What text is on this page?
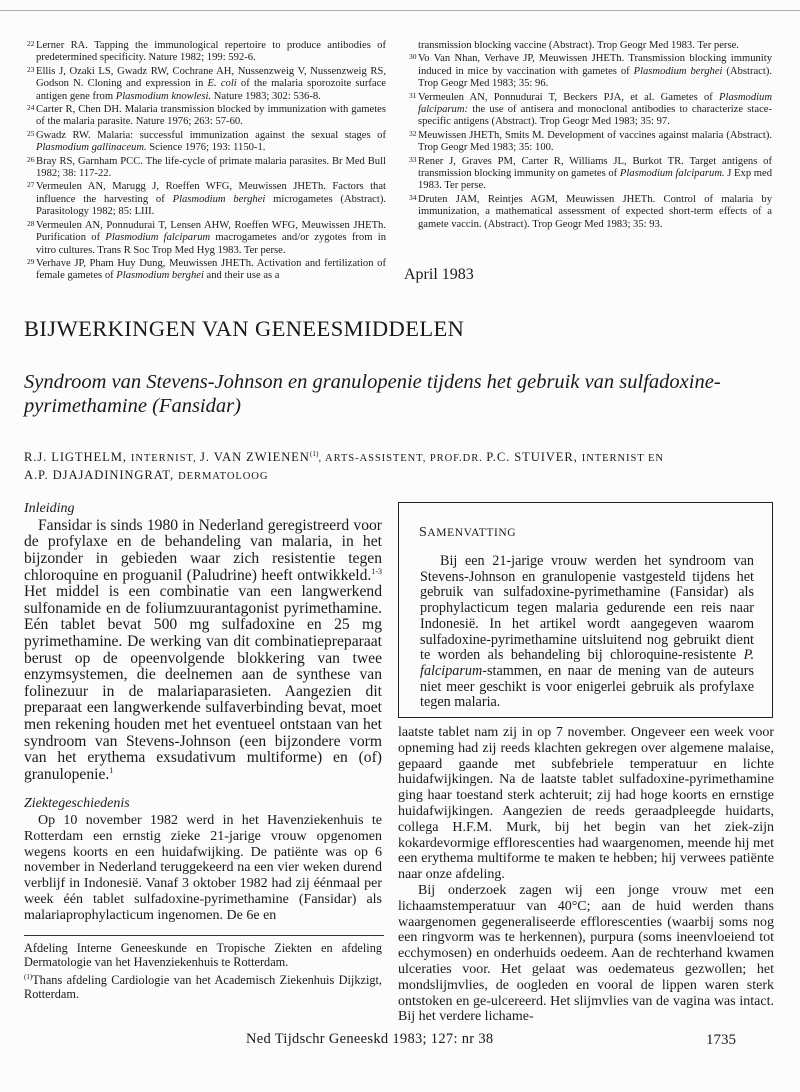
22 Lerner RA. Tapping the immunological repertoire to produce antibodies of predetermined specificity. Nature 1982; 199: 592-6.
23 Ellis J, Ozaki LS, Gwadz RW, Cochrane AH, Nussenzweig V, Nussenzweig RS, Godson N. Cloning and expression in E. coli of the malaria sporozoite surface antigen gene from Plasmodium knowlesi. Nature 1983; 302: 536-8.
24 Carter R, Chen DH. Malaria transmission blocked by immunization with gametes of the malaria parasite. Nature 1976; 263: 57-60.
25 Gwadz RW. Malaria: successful immunization against the sexual stages of Plasmodium gallinaceum. Science 1976; 193: 1150-1.
26 Bray RS, Garnham PCC. The life-cycle of primate malaria parasites. Br Med Bull 1982; 38: 117-22.
27 Vermeulen AN, Marugg J, Roeffen WFG, Meuwissen JHETh. Factors that influence the harvesting of Plasmodium berghei microgametes (Abstract). Parasitology 1982; 85: LIII.
28 Vermeulen AN, Ponnudurai T, Lensen AHW, Roeffen WFG, Meuwissen JHETh. Purification of Plasmodium falciparum macrogametes and/or zygotes from in vitro cultures. Trans R Soc Trop Med Hyg 1983. Ter perse.
29 Verhave JP, Pham Huy Dung, Meuwissen JHETh. Activation and fertilization of female gametes of Plasmodium berghei and their use as a
transmission blocking vaccine (Abstract). Trop Geogr Med 1983. Ter perse.
30 Vo Van Nhan, Verhave JP, Meuwissen JHETh. Transmission blocking immunity induced in mice by vaccination with gametes of Plasmodium berghei (Abstract). Trop Geogr Med 1983; 35: 96.
31 Vermeulen AN, Ponnudurai T, Beckers PJA, et al. Gametes of Plasmodium falciparum: the use of antisera and monoclonal antibodies to characterize stace-specific antigens (Abstract). Trop Geogr Med 1983; 35: 97.
32 Meuwissen JHETh, Smits M. Development of vaccines against malaria (Abstract). Trop Geogr Med 1983; 35: 100.
33 Rener J, Graves PM, Carter R, Williams JL, Burkot TR. Target antigens of transmission blocking immunity on gametes of Plasmodium falciparum. J Exp med 1983. Ter perse.
34 Druten JAM, Reintjes AGM, Meuwissen JHETh. Control of malaria by immunization, a mathematical assessment of expected short-term effects of a gamete vaccin. (Abstract). Trop Geogr Med 1983; 35: 93.
April 1983
BIJWERKINGEN VAN GENEESMIDDELEN
Syndroom van Stevens-Johnson en granulopenie tijdens het gebruik van sulfadoxine-pyrimethamine (Fansidar)
R.J. LIGTHELM, INTERNIST, J. VAN ZWIENEN$^{(1)}$, ARTS-ASSISTENT, PROF.DR. P.C. STUIVER, INTERNIST EN
A.P. DJAJADININGRAT, DERMATOLOOG

Inleiding

Fansidar is sinds 1980 in Nederland geregistreerd voor de profylaxe en de behandeling van malaria, in het bijzonder in gebieden waar zich resistentie tegen chloroquine en proguanil (Paludrine) heeft ontwikkeld.$^{1-3}$ Het middel is een combinatie van een langwerkend sulfonamide en de foliumzuurantagonist pyrimethamine. Eén tablet bevat 500 mg sulfadoxine en 25 mg pyrimethamine. De werking van dit combinatiepreparaat berust op de opeenvolgende blokkering van twee enzymsystemen, die deelnemen aan de synthese van folinezuur in de malariaparasieten. Aangezien dit preparaat een langwerkende sulfaverbinding bevat, moet men rekening houden met het eventueel ontstaan van het syndroom van Stevens-Johnson (een bijzondere vorm van het erythema exsudativum multiforme) en (of) granulopenie.$^1$

Ziektegeschiedenis

Op 10 november 1982 werd in het Havenziekenhuis te Rotterdam een ernstig zieke 21-jarige vrouw opgenomen wegens koorts en een huidafwijking. De patiënte was op 6 november in Nederland teruggekeerd na een vier weken durend verblijf in Indonesië. Vanaf 3 oktober 1982 had zij éénmaal per week één tablet sulfadoxine-pyrimethamine (Fansidar) als malariaprophylacticum ingenomen. De 6e en

SAMENVATTING
Bij een 21-jarige vrouw werden het syndroom van Stevens-Johnson en granulopenie vastgesteld tijdens het gebruik van sulfadoxine-pyrimethamine (Fansidar) als prophylacticum tegen malaria gedurende een reis naar Indonesië. In het artikel wordt aangegeven waarom sulfadoxine-pyrimethamine uitsluitend nog gebruikt dient te worden als behandeling bij chloroquine-resistente P. falciparum-stammen, en naar de mening van de auteurs niet meer geschikt is voor enigerlei gebruik als profylaxe tegen malaria.

laatste tablet nam zij in op 7 november. Ongeveer een week voor opneming had zij reeds klachten gekregen over algemene malaise, gepaard gaande met subfebriele temperatuur en lichte huidafwijkingen. Na de laatste tablet sulfadoxine-pyrimethamine ging haar toestand sterk achteruit; zij had hoge koorts en ernstige huidafwijkingen. Aangezien de reeds geraadpleegde huidarts, collega H.F.M. Murk, bij het begin van het ziek-zijn kokardevormige efflorescenties had waargenomen, meende hij met een erythema multiforme te maken te hebben; hij verwees patiënte naar onze afdeling.

Bij onderzoek zagen wij een jonge vrouw met een lichaamstemperatuur van 40°C; aan de huid werden thans waargenomen gegeneraliseerde efflorescenties (waarbij soms nog een ringvorm was te herkennen), purpura (soms ineenvloeiend tot ecchymosen) en onderhuids oedeem. Aan de rechterhand kwamen ulceraties voor. Het gelaat was oedemateus gezwollen; het mondslijmvlies, de oogleden en vooral de lippen waren sterk ontstoken en ge-ulcereerd. Het slijmvlies van de vagina was intact. Bij het verdere lichame-

Afdeling Interne Geneeskunde en Tropische Ziekten en afdeling Dermatologie van het Havenziekenhuis te Rotterdam.

$^{(1)}$Thans afdeling Cardiologie van het Academisch Ziekenhuis Dijkzigt, Rotterdam.

Ned Tijdschr Geneeskd 1983; 127: nr 38	1735
